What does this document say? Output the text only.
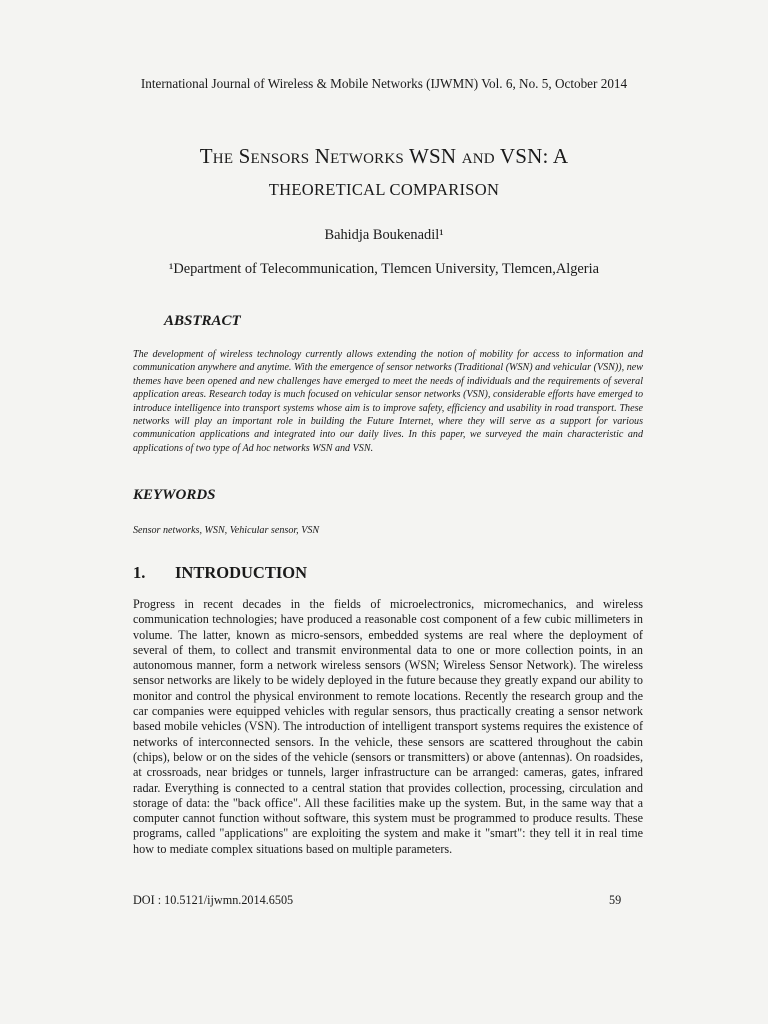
International Journal of Wireless & Mobile Networks (IJWMN) Vol. 6, No. 5, October 2014
The Sensors Networks WSN and VSN: A
THEORETICAL COMPARISON
Bahidja Boukenadil¹
¹Department of Telecommunication, Tlemcen University, Tlemcen,Algeria
ABSTRACT

The development of wireless technology currently allows extending the notion of mobility for access to information and communication anywhere and anytime. With the emergence of sensor networks (Traditional (WSN) and vehicular (VSN)), new themes have been opened and new challenges have emerged to meet the needs of individuals and the requirements of several application areas. Research today is much focused on vehicular sensor networks (VSN), considerable efforts have emerged to introduce intelligence into transport systems whose aim is to improve safety, efficiency and usability in road transport. These networks will play an important role in building the Future Internet, where they will serve as a support for various communication applications and integrated into our daily lives. In this paper, we surveyed the main characteristic and applications of two type of Ad hoc networks WSN and VSN.

KEYWORDS
Sensor networks, WSN, Vehicular sensor, VSN
1. INTRODUCTION

Progress in recent decades in the fields of microelectronics, micromechanics, and wireless communication technologies; have produced a reasonable cost component of a few cubic millimeters in volume. The latter, known as micro-sensors, embedded systems are real where the deployment of several of them, to collect and transmit environmental data to one or more collection points, in an autonomous manner, form a network wireless sensors (WSN; Wireless Sensor Network). The wireless sensor networks are likely to be widely deployed in the future because they greatly expand our ability to monitor and control the physical environment to remote locations. Recently the research group and the car companies were equipped vehicles with regular sensors, thus practically creating a sensor network based mobile vehicles (VSN). The introduction of intelligent transport systems requires the existence of networks of interconnected sensors. In the vehicle, these sensors are scattered throughout the cabin (chips), below or on the sides of the vehicle (sensors or transmitters) or above (antennas). On roadsides, at crossroads, near bridges or tunnels, larger infrastructure can be arranged: cameras, gates, infrared radar. Everything is connected to a central station that provides collection, processing, circulation and storage of data: the "back office". All these facilities make up the system. But, in the same way that a computer cannot function without software, this system must be programmed to produce results. These programs, called "applications" are exploiting the system and make it "smart": they tell it in real time how to mediate complex situations based on multiple parameters.

DOI : 10.5121/ijwmn.2014.6505	59
